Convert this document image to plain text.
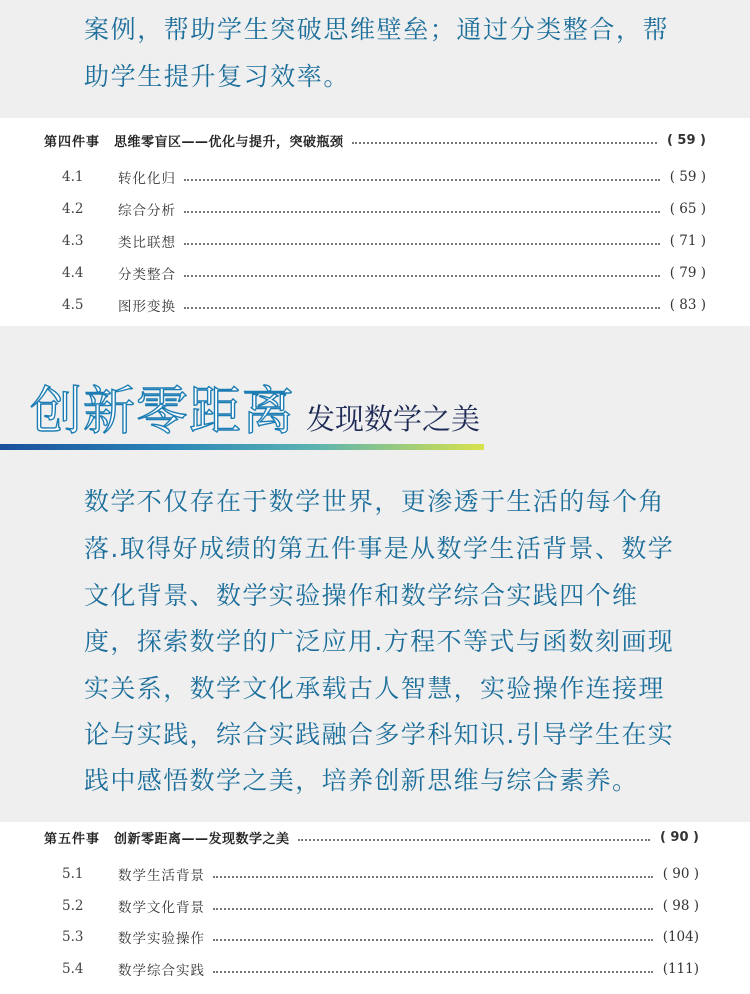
案例，帮助学生突破思维壁垒；通过分类整合，帮
助学生提升复习效率。
第四件事 思维零盲区——优化与提升，突破瓶颈	( 59 )
4.1	转化化归	( 59 )
4.2	综合分析	( 65 )
4.3	类比联想	( 71 )
4.4	分类整合	( 79 )
4.5	图形变换	( 83 )
创新零距离 发现数学之美
数学不仅存在于数学世界，更渗透于生活的每个角
落.取得好成绩的第五件事是从数学生活背景、数学
文化背景、数学实验操作和数学综合实践四个维
度，探索数学的广泛应用.方程不等式与函数刻画现
实关系，数学文化承载古人智慧，实验操作连接理
论与实践，综合实践融合多学科知识.引导学生在实
践中感悟数学之美，培养创新思维与综合素养。
第五件事 创新零距离——发现数学之美	( 90 )
5.1	数学生活背景	( 90 )
5.2	数学文化背景	( 98 )
5.3	数学实验操作	(104)
5.4	数学综合实践	(111)
